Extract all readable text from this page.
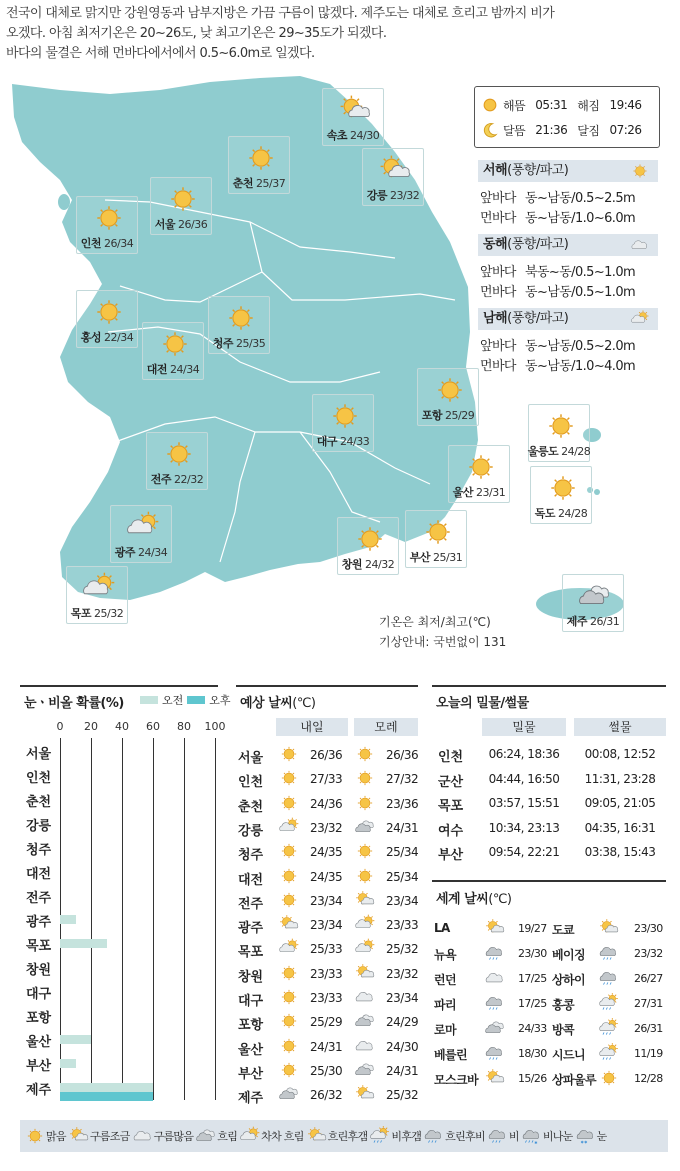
전국이 대체로 맑지만 강원영동과 남부지방은 가끔 구름이 많겠다. 제주도는 대체로 흐리고 밤까지 비가
오겠다. 아침 최저기온은 20~26도, 낮 최고기온은 29~35도가 되겠다.
바다의 물결은 서해 먼바다에서에서 0.5~6.0m로 일겠다.
속초 24/30
춘천 25/37
강릉 23/32
서울 26/36
인천 26/34
홍성 22/34	청주 25/35
대전 24/34
포항 25/29
대구 24/33
전주 22/32
울산 23/31
광주 24/34	부산 25/31
창원 24/32
목포 25/32
울릉도 24/28
독도 24/28
제주 26/31
해뜸 05:31 해짐 19:46
달뜸 21:36 달짐 07:26
서해(풍향/파고)
앞바다 동~남동/0.5~2.5m
먼바다 동~남동/1.0~6.0m
동해(풍향/파고)
앞바다 북동~동/0.5~1.0m
먼바다 동~남동/0.5~1.0m
남해(풍향/파고)
앞바다 동~남동/0.5~2.0m
먼바다 동~남동/1.0~4.0m
기온은 최저/최고(℃)
기상안내: 국번없이 131
눈ㆍ비올 확률(%)	오전 오후
0 20 40 60 80 100
서울
인천
춘천
강릉
청주
대전
전주
광주
목포
창원
대구
포항
울산
부산
제주
예상 날씨(℃)
내일	모레
서울	26/36	26/36
인천	27/33	27/32
춘천	24/36	23/36
강릉	23/32	24/31
청주	24/35	25/34
대전	24/35	25/34
전주	23/34	23/34
광주	23/34	23/33
목포	25/33	25/32
창원	23/33	23/32
대구	23/33	23/34
포항	25/29	24/29
울산	24/31	24/30
부산	25/30	24/31
제주	26/32	25/32
오늘의 밀물/썰물
밀물	썰물
인천	06:24, 18:36	00:08, 12:52
군산	04:44, 16:50	11:31, 23:28
목포	03:57, 15:51	09:05, 21:05
여수	10:34, 23:13	04:35, 16:31
부산	09:54, 22:21	03:38, 15:43
세계 날씨(℃)
LA	19/27 도쿄	23/30
뉴욕	23/30 베이징	23/32
런던	17/25 상하이	26/27
파리	17/25 홍콩	27/31
로마	24/33 방콕	26/31
베를린	18/30 시드니	11/19
모스크바	15/26 상파울루	12/28
맑음 구름조금 구름많음 흐림 차차 흐림 흐린후갬 비후갬 흐린후비 비 ✱ 비나눈 ✱ ✱ 눈
